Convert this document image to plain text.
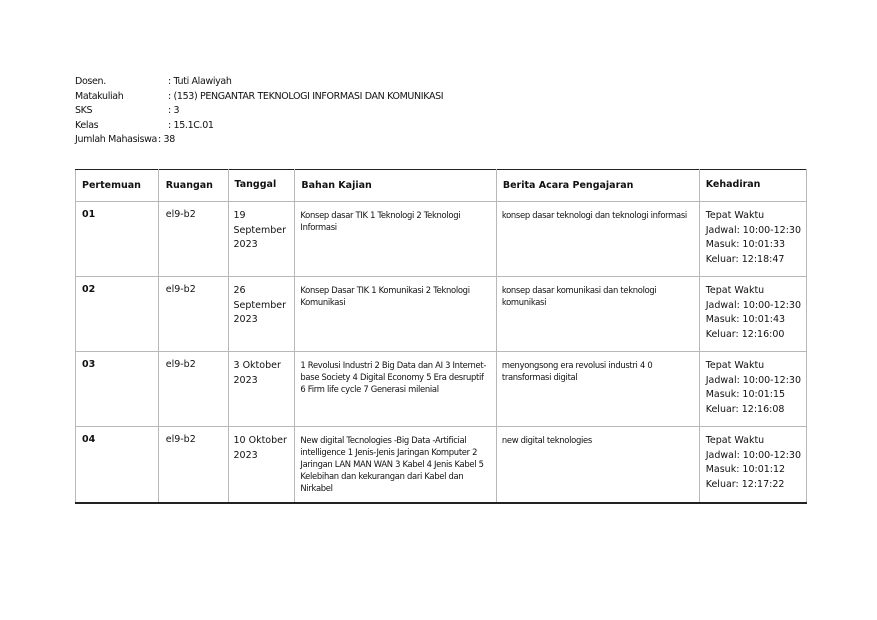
Dosen.	: Tuti Alawiyah
Matakuliah	: (153) PENGANTAR TEKNOLOGI INFORMASI DAN KOMUNIKASI
SKS	: 3
Kelas	: 15.1C.01
Jumlah Mahasiswa : 38
Pertemuan	Ruangan	Tanggal	Bahan Kajian	Berita Acara Pengajaran	Kehadiran
01	el9-b2	19 September 2023	Konsep dasar TIK 1 Teknologi 2 Teknologi Informasi	konsep dasar teknologi dan teknologi informasi	Tepat Waktu
Jadwal: 10:00-12:30
Masuk: 10:01:33
Keluar: 12:18:47

02	el9-b2	26 September 2023	Konsep Dasar TIK 1 Komunikasi 2 Teknologi Komunikasi	konsep dasar komunikasi dan teknologi komunikasi	Tepat Waktu
Jadwal: 10:00-12:30
Masuk: 10:01:43
Keluar: 12:16:00

03	el9-b2	3 Oktober 2023	1 Revolusi Industri 2 Big Data dan AI 3 Internet-base Society 4 Digital Economy 5 Era desruptif 6 Firm life cycle 7 Generasi milenial	menyongsong era revolusi industri 4 0 transformasi digital	Tepat Waktu
Jadwal: 10:00-12:30
Masuk: 10:01:15
Keluar: 12:16:08

04	el9-b2	10 Oktober 2023	New digital Tecnologies -Big Data -Artificial intelligence 1 Jenis-Jenis Jaringan Komputer 2 Jaringan LAN MAN WAN 3 Kabel 4 Jenis Kabel 5 Kelebihan dan kekurangan dari Kabel dan Nirkabel	new digital teknologies	Tepat Waktu
Jadwal: 10:00-12:30
Masuk: 10:01:12
Keluar: 12:17:22
